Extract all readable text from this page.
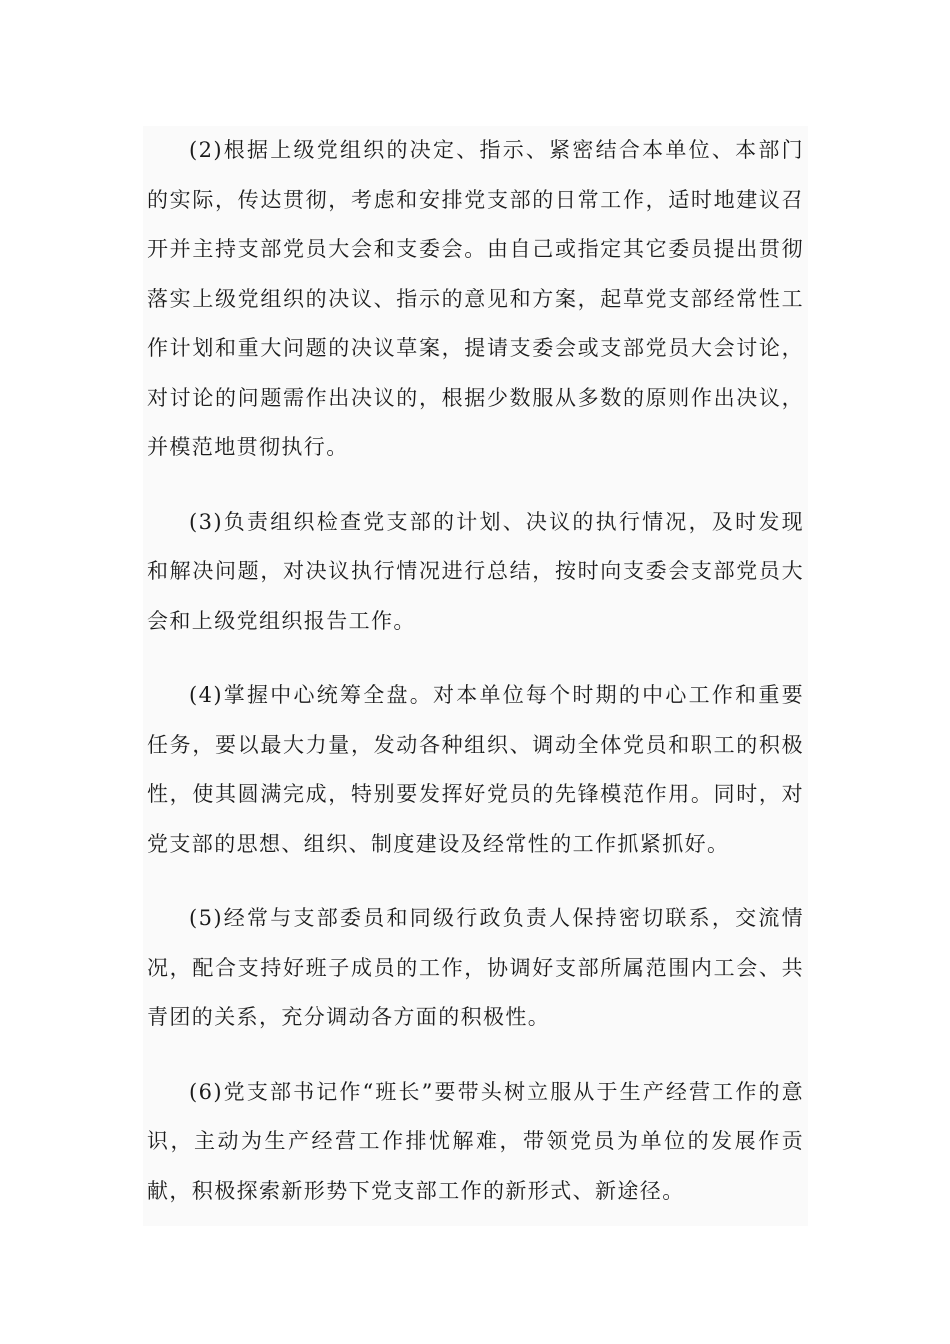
(2)根据上级党组织的决定、指示、紧密结合本单位、本部门的实际，传达贯彻，考虑和安排党支部的日常工作，适时地建议召开并主持支部党员大会和支委会。由自己或指定其它委员提出贯彻落实上级党组织的决议、指示的意见和方案，起草党支部经常性工作计划和重大问题的决议草案，提请支委会或支部党员大会讨论，对讨论的问题需作出决议的，根据少数服从多数的原则作出决议，并模范地贯彻执行。

(3)负责组织检查党支部的计划、决议的执行情况，及时发现和解决问题，对决议执行情况进行总结，按时向支委会支部党员大会和上级党组织报告工作。

(4)掌握中心统筹全盘。对本单位每个时期的中心工作和重要任务，要以最大力量，发动各种组织、调动全体党员和职工的积极性，使其圆满完成，特别要发挥好党员的先锋模范作用。同时，对党支部的思想、组织、制度建设及经常性的工作抓紧抓好。

(5)经常与支部委员和同级行政负责人保持密切联系，交流情况，配合支持好班子成员的工作，协调好支部所属范围内工会、共青团的关系，充分调动各方面的积极性。

(6)党支部书记作“班长”要带头树立服从于生产经营工作的意识，主动为生产经营工作排忧解难，带领党员为单位的发展作贡献，积极探索新形势下党支部工作的新形式、新途径。
